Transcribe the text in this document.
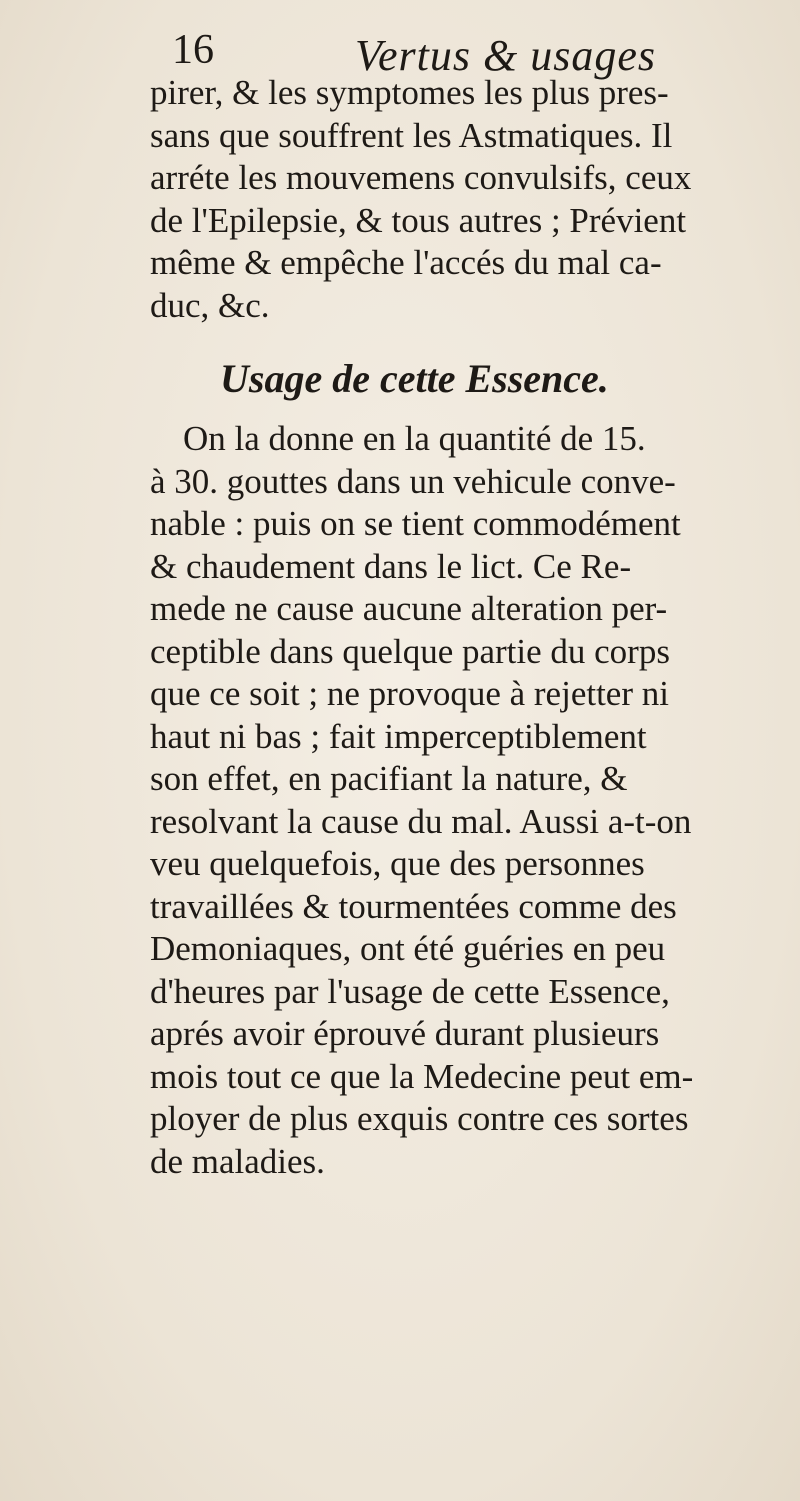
16	Vertus & usages
pirer, & les symptomes les plus pres-
sans que souffrent les Astmatiques. Il
arréte les mouvemens convulsifs, ceux
de l'Epilepsie, & tous autres ; Prévient
même & empêche l'accés du mal ca-
duc, &c.
Usage de cette Essence.
On la donne en la quantité de 15.
à 30. gouttes dans un vehicule conve-
nable : puis on se tient commodément
& chaudement dans le lict. Ce Re-
mede ne cause aucune alteration per-
ceptible dans quelque partie du corps
que ce soit ; ne provoque à rejetter ni
haut ni bas ; fait imperceptiblement
son effet, en pacifiant la nature, &
resolvant la cause du mal. Aussi a-t-on
veu quelquefois, que des personnes
travaillées & tourmentées comme des
Demoniaques, ont été guéries en peu
d'heures par l'usage de cette Essence,
aprés avoir éprouvé durant plusieurs
mois tout ce que la Medecine peut em-
ployer de plus exquis contre ces sortes
de maladies.
